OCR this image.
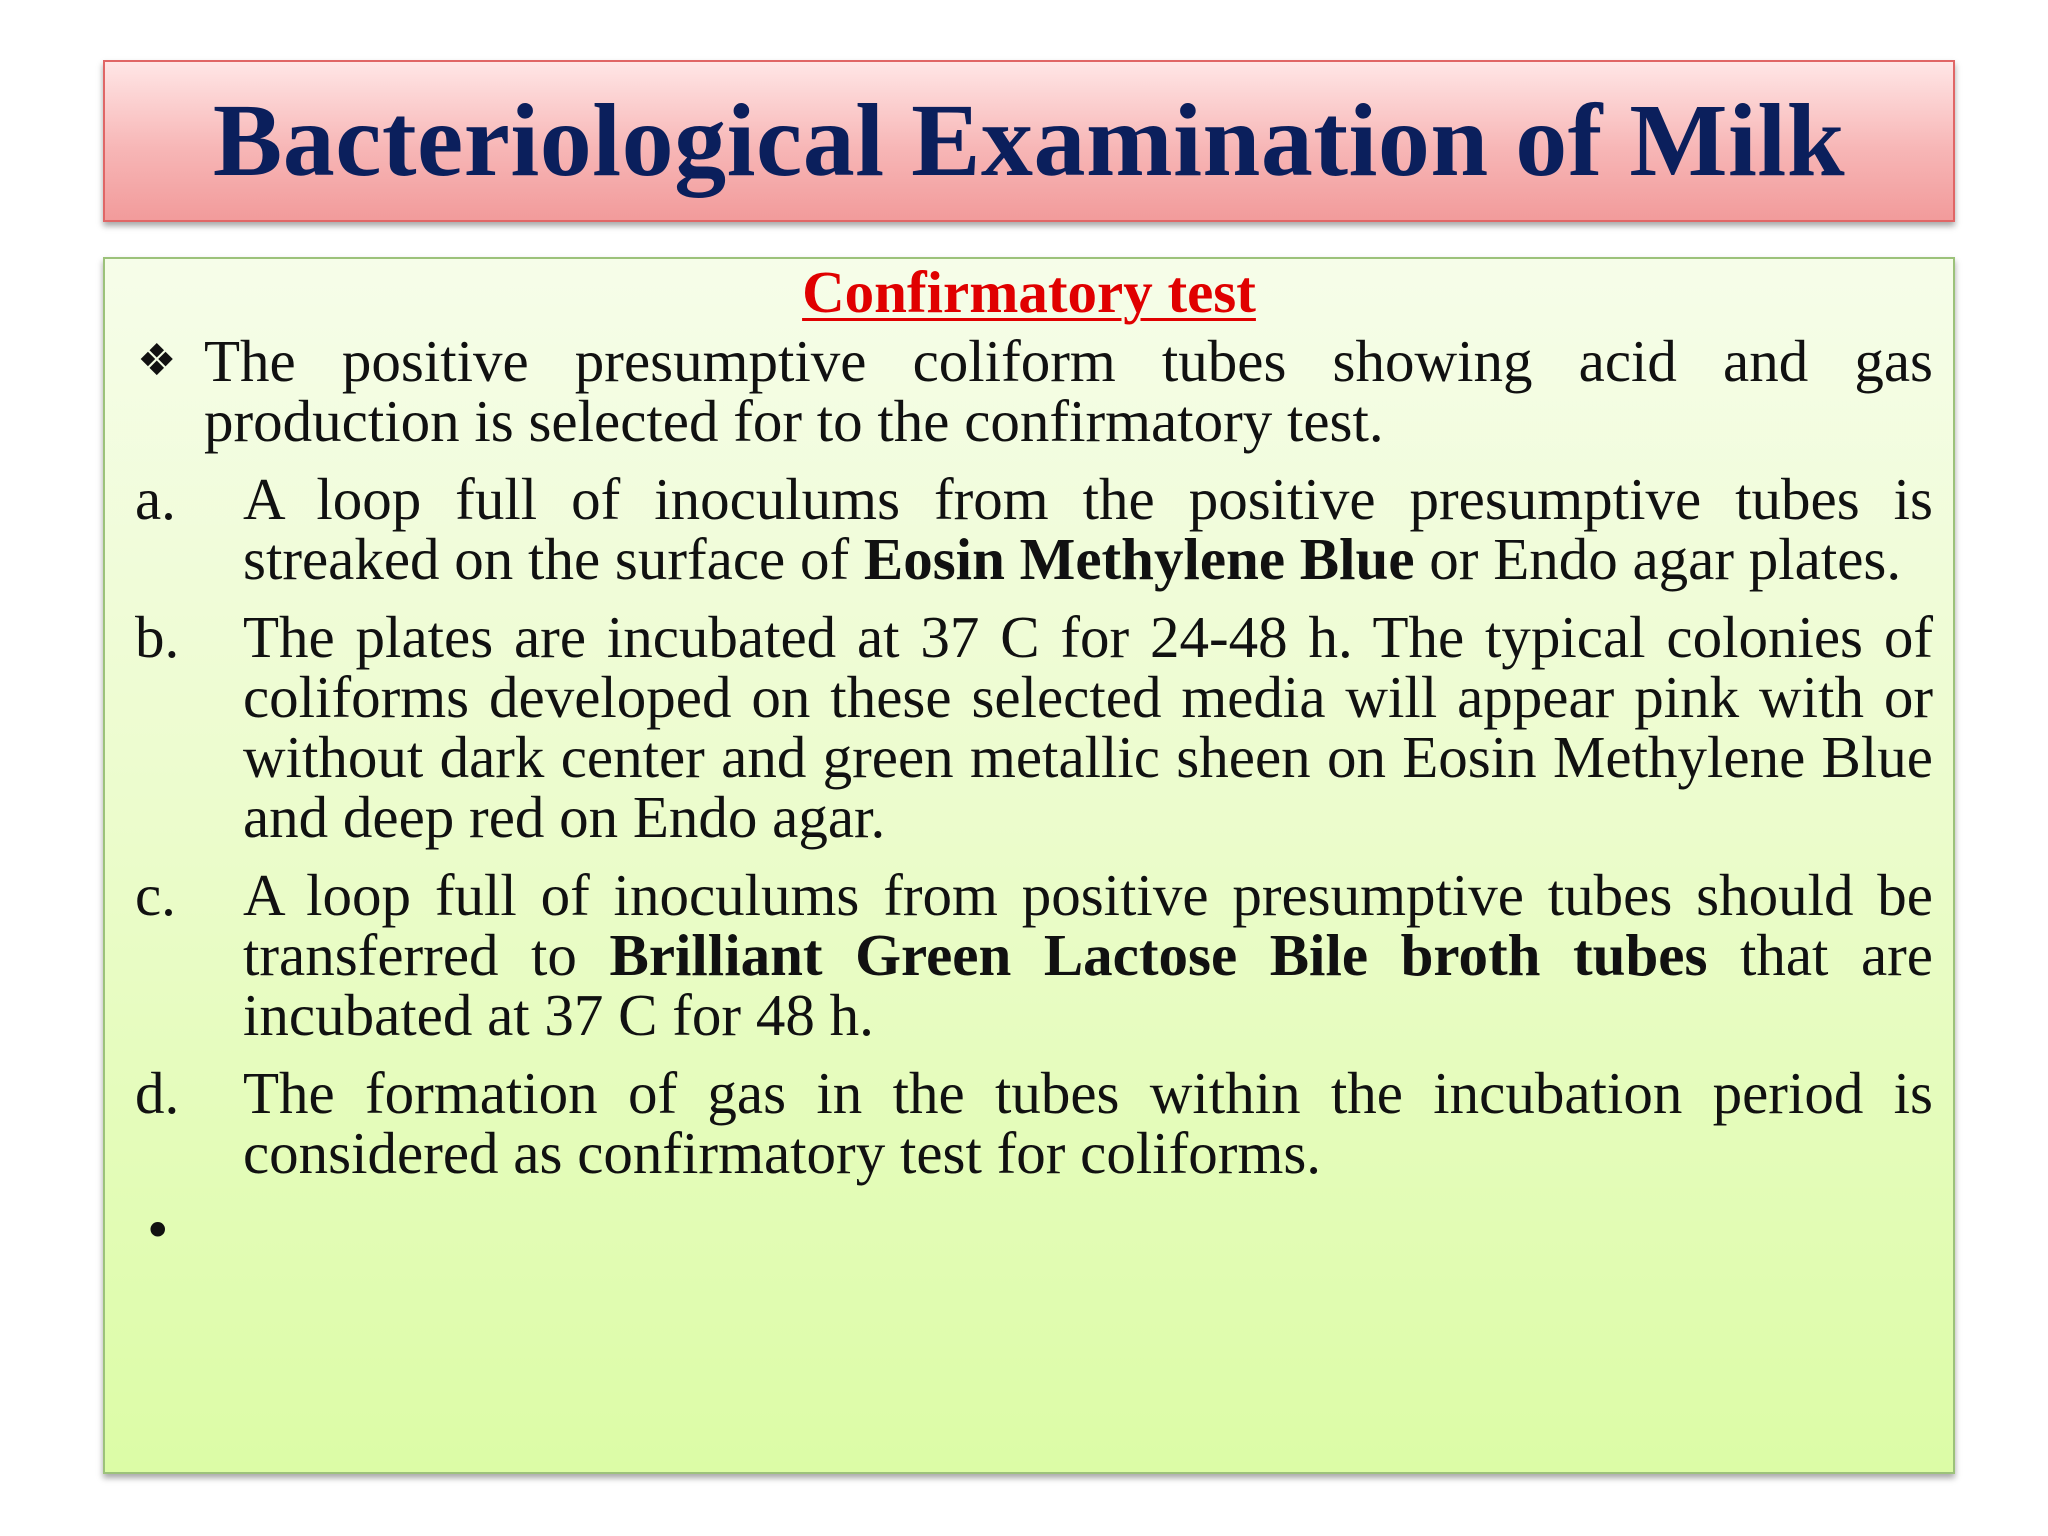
Bacteriological Examination of Milk
Confirmatory test
❖ The positive presumptive coliform tubes showing acid and gas production is selected for to the confirmatory test.
a.	A loop full of inoculums from the positive presumptive tubes is streaked on the surface of Eosin Methylene Blue or Endo agar plates.
b.	The plates are incubated at 37 C for 24-48 h. The typical colonies of coliforms developed on these selected media will appear pink with or without dark center and green metallic sheen on Eosin Methylene Blue and deep red on Endo agar.
c.	A loop full of inoculums from positive presumptive tubes should be transferred to Brilliant Green Lactose Bile broth tubes that are incubated at 37 C for 48 h.
d.	The formation of gas in the tubes within the incubation period is considered as confirmatory test for coliforms.
•
